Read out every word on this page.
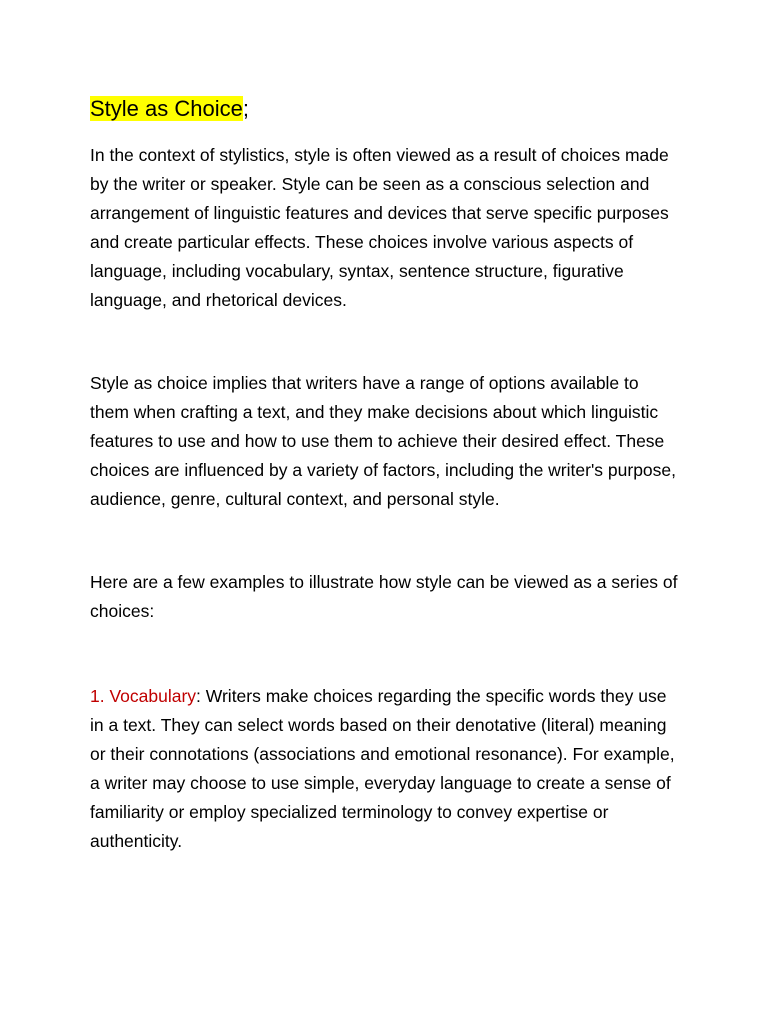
Style as Choice;

In the context of stylistics, style is often viewed as a result of choices made by the writer or speaker. Style can be seen as a conscious selection and arrangement of linguistic features and devices that serve specific purposes and create particular effects. These choices involve various aspects of language, including vocabulary, syntax, sentence structure, figurative language, and rhetorical devices.

Style as choice implies that writers have a range of options available to them when crafting a text, and they make decisions about which linguistic features to use and how to use them to achieve their desired effect. These choices are influenced by a variety of factors, including the writer's purpose, audience, genre, cultural context, and personal style.

Here are a few examples to illustrate how style can be viewed as a series of choices:

1. Vocabulary: Writers make choices regarding the specific words they use in a text. They can select words based on their denotative (literal) meaning or their connotations (associations and emotional resonance). For example, a writer may choose to use simple, everyday language to create a sense of familiarity or employ specialized terminology to convey expertise or authenticity.
